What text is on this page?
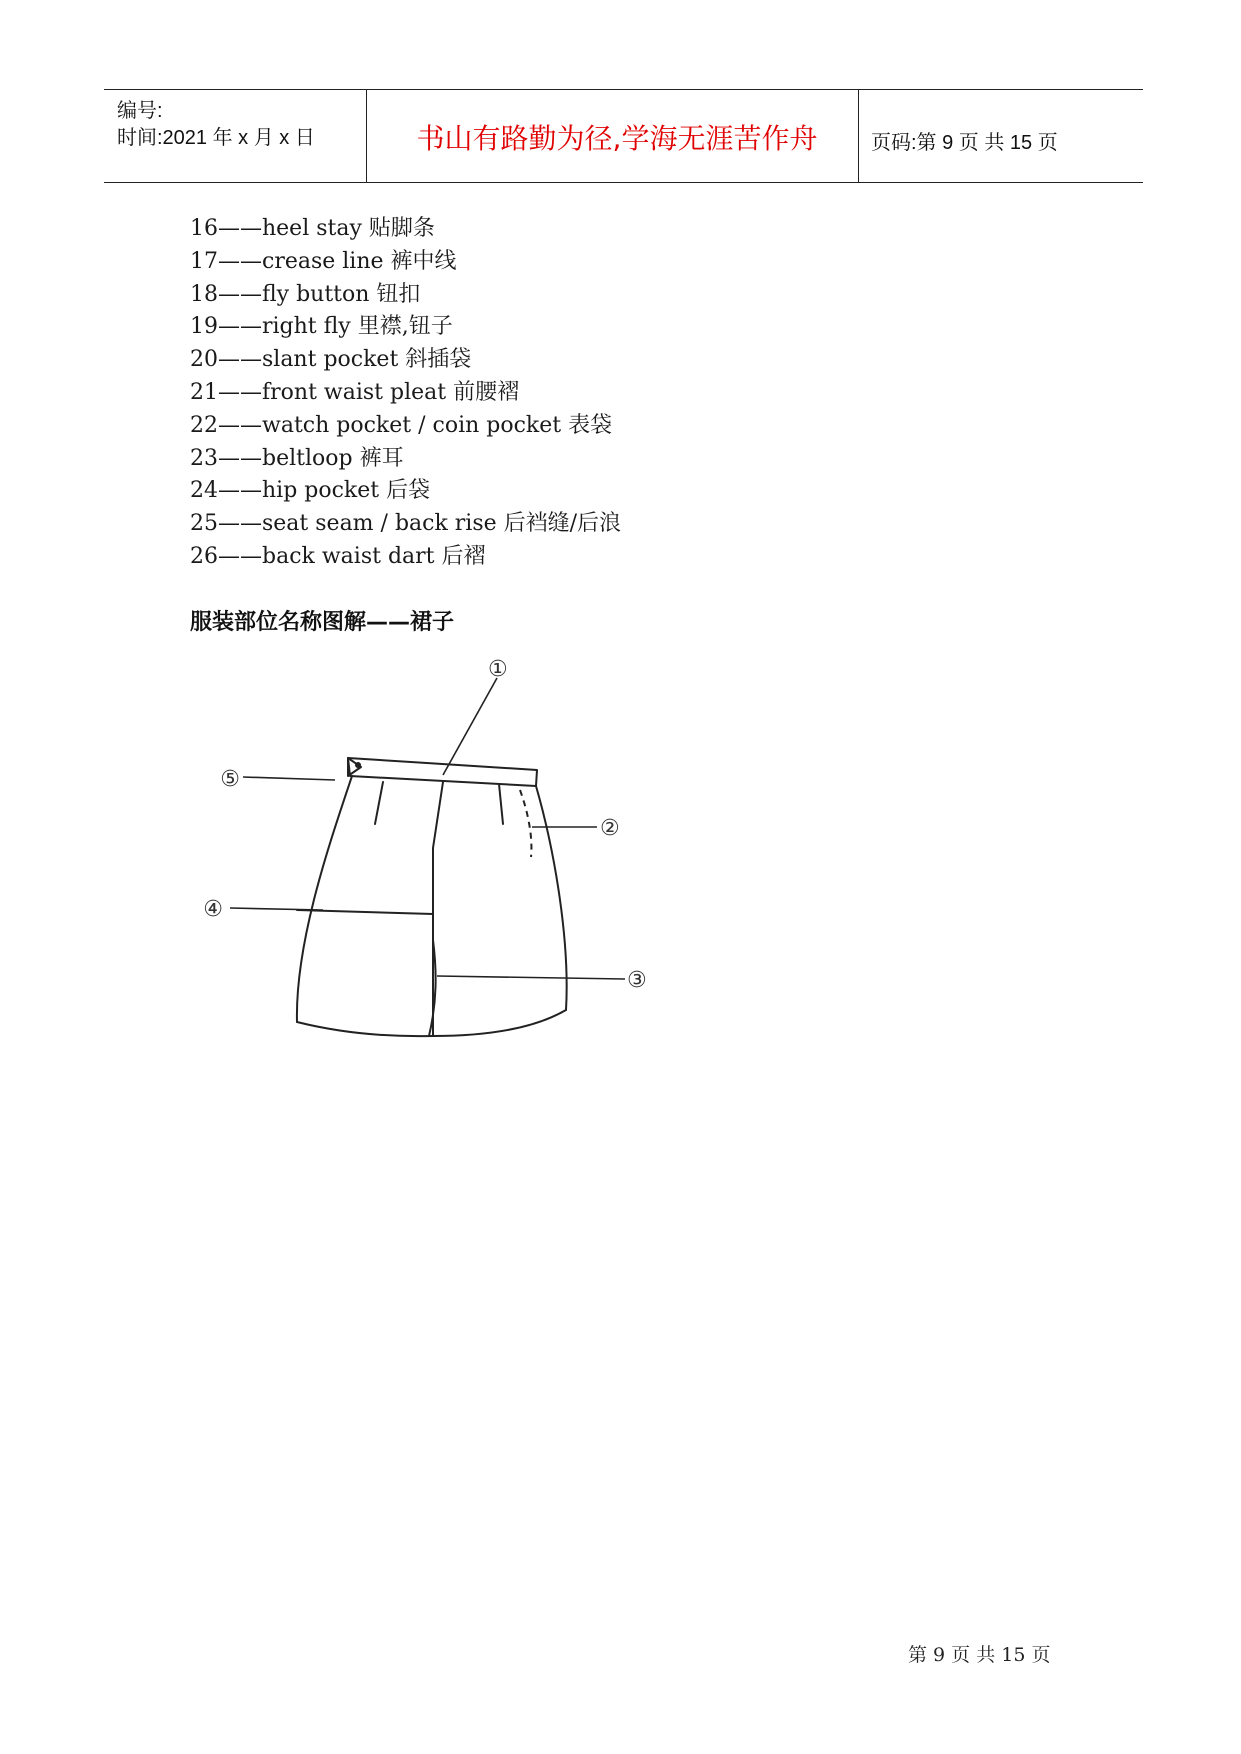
编号:
时间:2021 年 x 月 x 日	书山有路勤为径,学海无涯苦作舟	页码:第 9 页 共 15 页
16——heel stay 贴脚条
17——crease line 裤中线
18——fly button 钮扣
19——right fly 里襟,钮子
20——slant pocket 斜插袋
21——front waist pleat 前腰褶
22——watch pocket / coin pocket 表袋
23——beltloop 裤耳
24——hip pocket 后袋
25——seat seam / back rise 后裆缝/后浪
26——back waist dart 后褶
服装部位名称图解——裙子
①
②
③
④
⑤
第 9 页 共 15 页
